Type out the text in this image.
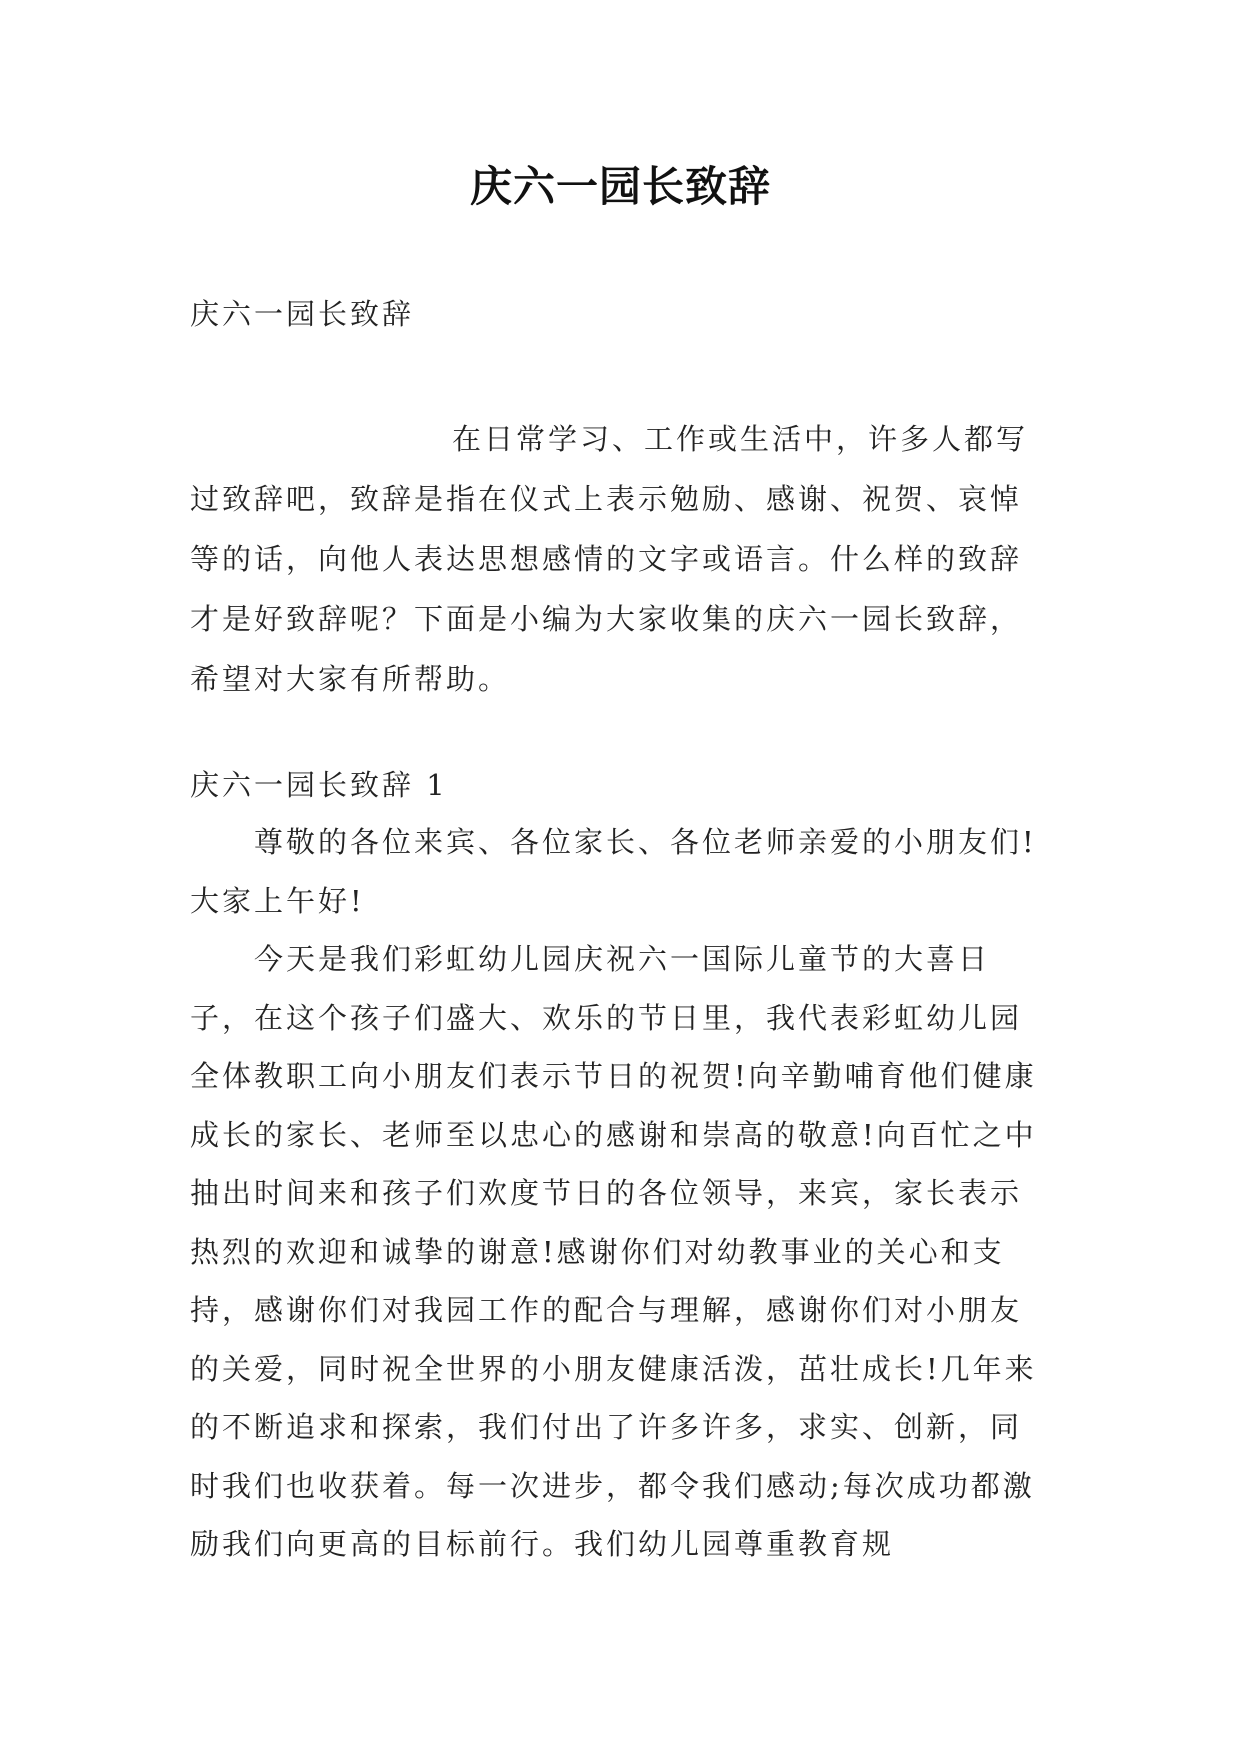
庆六一园长致辞
庆六一园长致辞
在日常学习、工作或生活中，许多人都写过致辞吧，致辞是指在仪式上表示勉励、感谢、祝贺、哀悼等的话，向他人表达思想感情的文字或语言。什么样的致辞才是好致辞呢？下面是小编为大家收集的庆六一园长致辞，希望对大家有所帮助。
庆六一园长致辞 1

尊敬的各位来宾、各位家长、各位老师亲爱的小朋友们!

大家上午好!

今天是我们彩虹幼儿园庆祝六一国际儿童节的大喜日子，在这个孩子们盛大、欢乐的节日里，我代表彩虹幼儿园全体教职工向小朋友们表示节日的祝贺!向辛勤哺育他们健康成长的家长、老师至以忠心的感谢和崇高的敬意!向百忙之中抽出时间来和孩子们欢度节日的各位领导，来宾，家长表示热烈的欢迎和诚挚的谢意!感谢你们对幼教事业的关心和支持，感谢你们对我园工作的配合与理解，感谢你们对小朋友的关爱，同时祝全世界的小朋友健康活泼，茁壮成长!几年来的不断追求和探索，我们付出了许多许多，求实、创新，同时我们也收获着。每一次进步，都令我们感动;每次成功都激励我们向更高的目标前行。我们幼儿园尊重教育规
